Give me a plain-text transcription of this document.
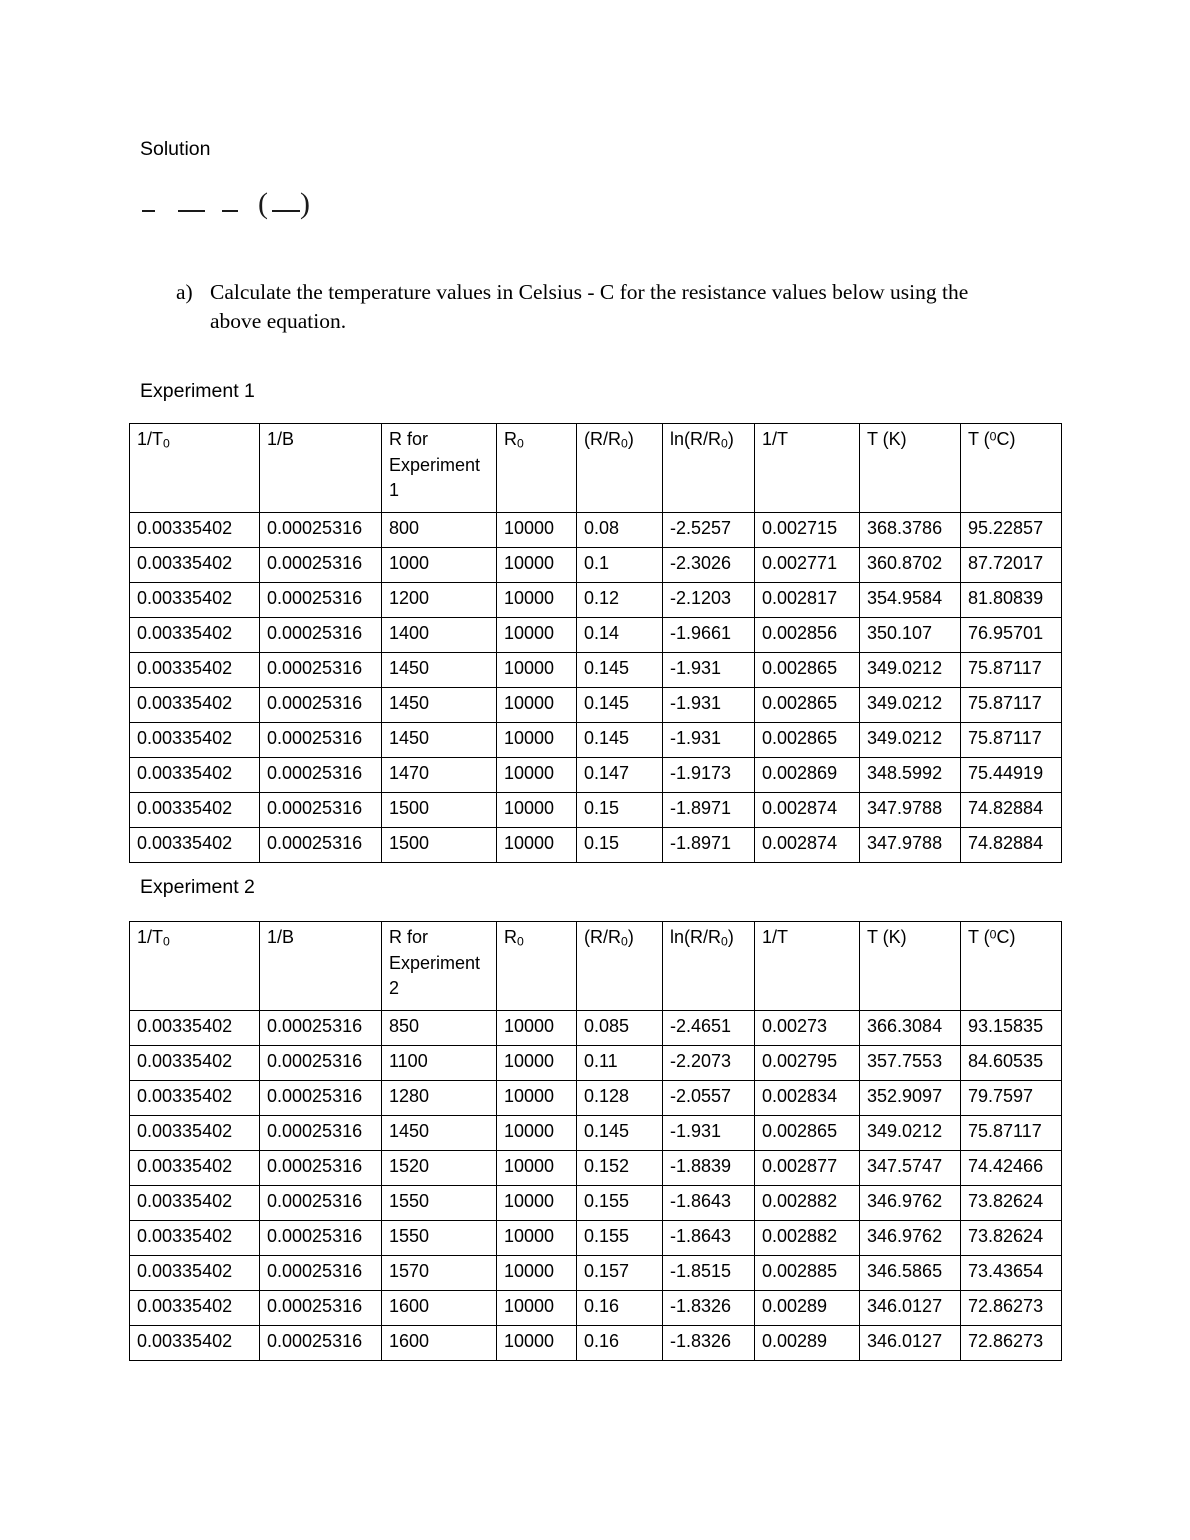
Solution
( )
a) Calculate the temperature values in Celsius - C for the resistance values below using the above equation.
Experiment 1
$1/T_0$	1/B	R for Experiment 1	$R_0$	$(R/R_0)$	$\ln(R/R_0)$	1/T	T (K)	T ($^0$C)
0.00335402	0.00025316	800	10000	0.08	-2.5257	0.002715	368.3786	95.22857
0.00335402	0.00025316	1000	10000	0.1	-2.3026	0.002771	360.8702	87.72017
0.00335402	0.00025316	1200	10000	0.12	-2.1203	0.002817	354.9584	81.80839
0.00335402	0.00025316	1400	10000	0.14	-1.9661	0.002856	350.107	76.95701
0.00335402	0.00025316	1450	10000	0.145	-1.931	0.002865	349.0212	75.87117
0.00335402	0.00025316	1450	10000	0.145	-1.931	0.002865	349.0212	75.87117
0.00335402	0.00025316	1450	10000	0.145	-1.931	0.002865	349.0212	75.87117
0.00335402	0.00025316	1470	10000	0.147	-1.9173	0.002869	348.5992	75.44919
0.00335402	0.00025316	1500	10000	0.15	-1.8971	0.002874	347.9788	74.82884
0.00335402	0.00025316	1500	10000	0.15	-1.8971	0.002874	347.9788	74.82884
Experiment 2
$1/T_0$	1/B	R for Experiment 2	$R_0$	$(R/R_0)$	$\ln(R/R_0)$	1/T	T (K)	T ($^0$C)
0.00335402	0.00025316	850	10000	0.085	-2.4651	0.00273	366.3084	93.15835
0.00335402	0.00025316	1100	10000	0.11	-2.2073	0.002795	357.7553	84.60535
0.00335402	0.00025316	1280	10000	0.128	-2.0557	0.002834	352.9097	79.7597
0.00335402	0.00025316	1450	10000	0.145	-1.931	0.002865	349.0212	75.87117
0.00335402	0.00025316	1520	10000	0.152	-1.8839	0.002877	347.5747	74.42466
0.00335402	0.00025316	1550	10000	0.155	-1.8643	0.002882	346.9762	73.82624
0.00335402	0.00025316	1550	10000	0.155	-1.8643	0.002882	346.9762	73.82624
0.00335402	0.00025316	1570	10000	0.157	-1.8515	0.002885	346.5865	73.43654
0.00335402	0.00025316	1600	10000	0.16	-1.8326	0.00289	346.0127	72.86273
0.00335402	0.00025316	1600	10000	0.16	-1.8326	0.00289	346.0127	72.86273
